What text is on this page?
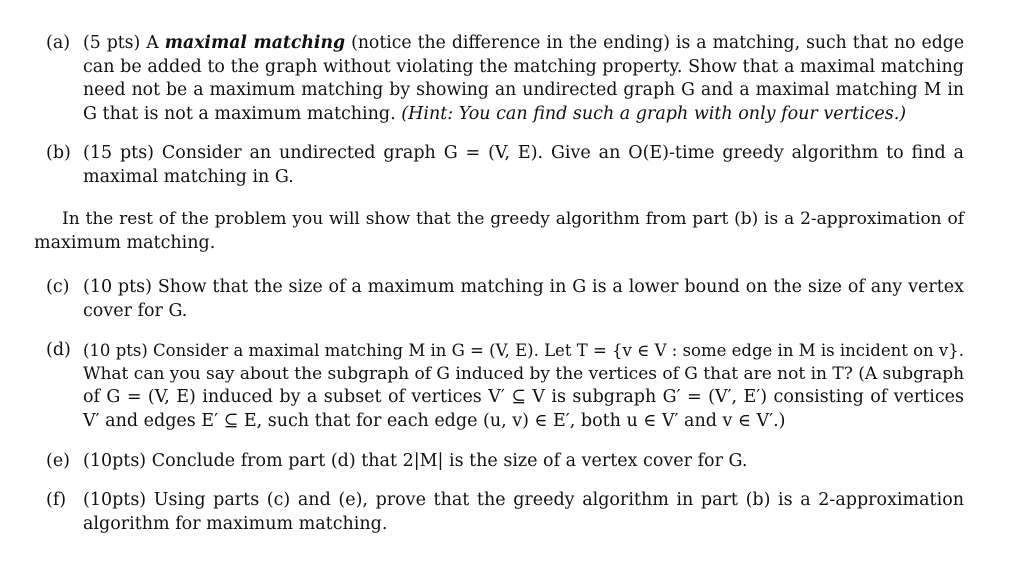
(a) (5 pts) A maximal matching (notice the difference in the ending) is a matching, such that no edge
can be added to the graph without violating the matching property. Show that a maximal matching
need not be a maximum matching by showing an undirected graph G and a maximal matching M in
G that is not a maximum matching. (Hint: You can find such a graph with only four vertices.)
(b) (15 pts) Consider an undirected graph G = (V, E). Give an O(E)-time greedy algorithm to find a
maximal matching in G.
In the rest of the problem you will show that the greedy algorithm from part (b) is a 2-approximation of
maximum matching.
(c) (10 pts) Show that the size of a maximum matching in G is a lower bound on the size of any vertex
cover for G.
(d) (10 pts) Consider a maximal matching M in G = (V, E). Let T = {v ∈ V : some edge in M is incident on v}.
What can you say about the subgraph of G induced by the vertices of G that are not in T? (A subgraph
of G = (V, E) induced by a subset of vertices V′ ⊆ V is subgraph G′ = (V′, E′) consisting of vertices
V′ and edges E′ ⊆ E, such that for each edge (u, v) ∈ E′, both u ∈ V′ and v ∈ V′.)
(e) (10pts) Conclude from part (d) that 2|M| is the size of a vertex cover for G.
(f) (10pts) Using parts (c) and (e), prove that the greedy algorithm in part (b) is a 2-approximation
algorithm for maximum matching.
